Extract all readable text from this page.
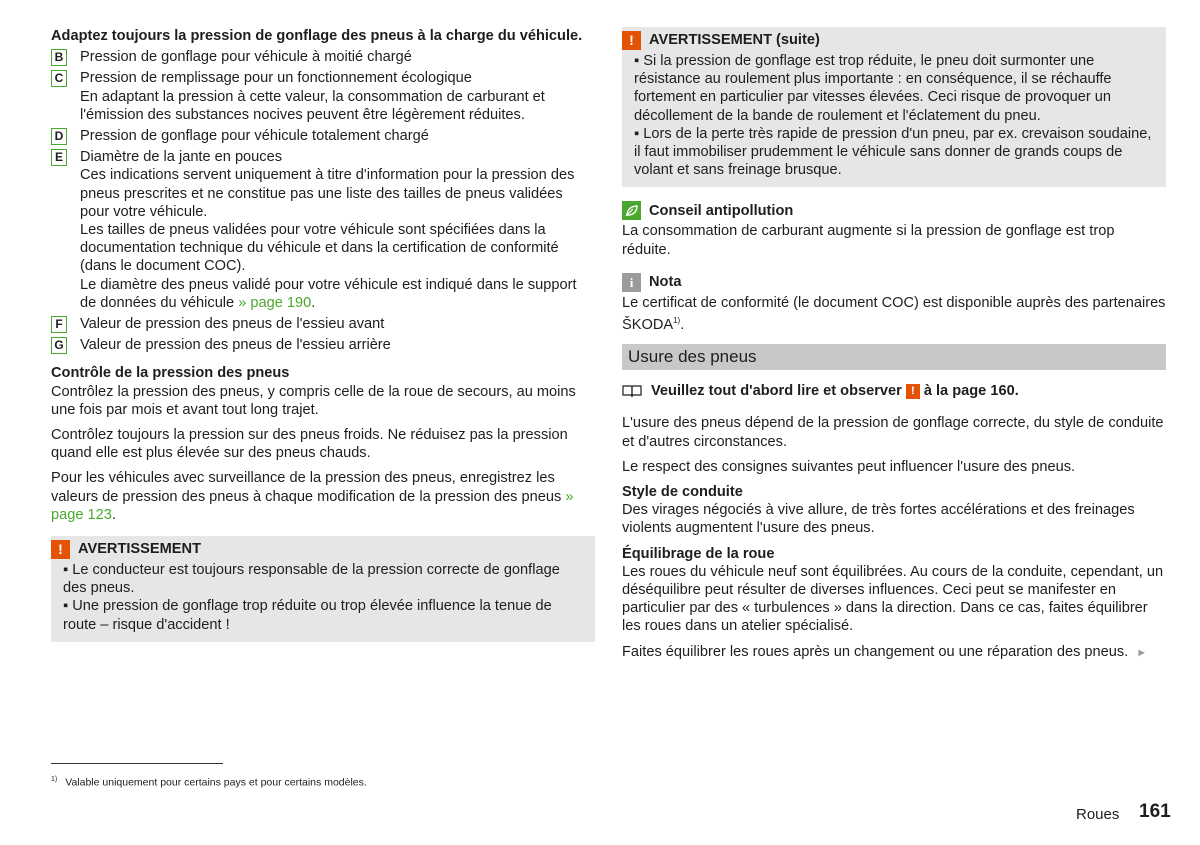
Adaptez toujours la pression de gonflage des pneus à la charge du véhicule.

B Pression de gonflage pour véhicule à moitié chargé

C Pression de remplissage pour un fonctionnement écologique

En adaptant la pression à cette valeur, la consommation de carburant et l'émission des substances nocives peuvent être légèrement réduites.

D Pression de gonflage pour véhicule totalement chargé

E Diamètre de la jante en pouces

Ces indications servent uniquement à titre d'information pour la pression des pneus prescrites et ne constitue pas une liste des tailles de pneus validées pour votre véhicule.

Les tailles de pneus validées pour votre véhicule sont spécifiées dans la documentation technique du véhicule et dans la certification de conformité (dans le document COC).

Le diamètre des pneus validé pour votre véhicule est indiqué dans le support de données du véhicule » page 190.

F Valeur de pression des pneus de l'essieu avant

G Valeur de pression des pneus de l'essieu arrière

Contrôle de la pression des pneus

Contrôlez la pression des pneus, y compris celle de la roue de secours, au moins une fois par mois et avant tout long trajet.

Contrôlez toujours la pression sur des pneus froids. Ne réduisez pas la pression quand elle est plus élevée sur des pneus chauds.

Pour les véhicules avec surveillance de la pression des pneus, enregistrez les valeurs de pression des pneus à chaque modification de la pression des pneus » page 123.

!	AVERTISSEMENT

▪ Le conducteur est toujours responsable de la pression correcte de gonflage des pneus.

▪ Une pression de gonflage trop réduite ou trop élevée influence la tenue de route – risque d'accident !

!	AVERTISSEMENT (suite)

▪ Si la pression de gonflage est trop réduite, le pneu doit surmonter une résistance au roulement plus importante : en conséquence, il se réchauffe fortement en particulier par vitesses élevées. Ceci risque de provoquer un décollement de la bande de roulement et l'éclatement du pneu.

▪ Lors de la perte très rapide de pression d'un pneu, par ex. crevaison soudaine, il faut immobiliser prudemment le véhicule sans donner de grands coups de volant et sans freinage brusque.

Conseil antipollution

La consommation de carburant augmente si la pression de gonflage est trop réduite.

i	Nota

Le certificat de conformité (le document COC) est disponible auprès des partenaires ŠKODA$^{1)}$.

Usure des pneus
Veuillez tout d'abord lire et observer ! à la page 160.

L'usure des pneus dépend de la pression de gonflage correcte, du style de conduite et d'autres circonstances.

Le respect des consignes suivantes peut influencer l'usure des pneus.

Style de conduite

Des virages négociés à vive allure, de très fortes accélérations et des freinages violents augmentent l'usure des pneus.

Équilibrage de la roue

Les roues du véhicule neuf sont équilibrées. Au cours de la conduite, cependant, un déséquilibre peut résulter de diverses influences. Ceci peut se manifester en particulier par des « turbulences » dans la direction. Dans ce cas, faites équilibrer les roues dans un atelier spécialisé.

Faites équilibrer les roues après un changement ou une réparation des pneus. ►

$^{1)}$ Valable uniquement pour certains pays et pour certains modèles.
Roues 161
